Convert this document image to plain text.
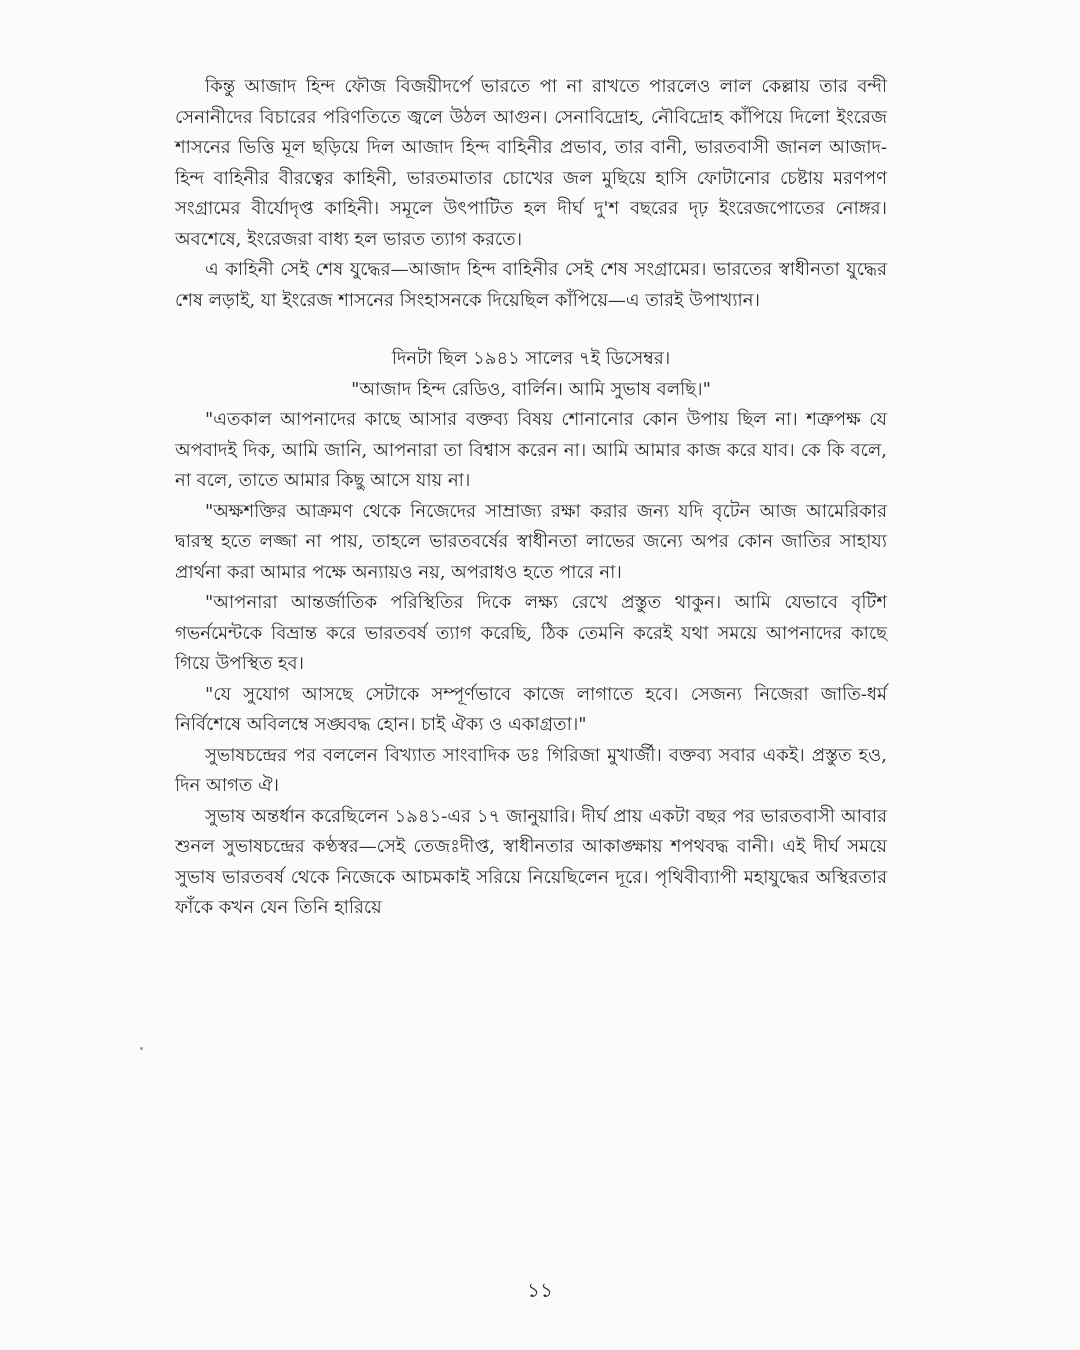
কিন্তু আজাদ হিন্দ ফৌজ বিজয়ীদর্পে ভারতে পা না রাখতে পারলেও লাল কেল্লায় তার বন্দী সেনানীদের বিচারের পরিণতিতে জ্বলে উঠল আগুন। সেনাবিদ্রোহ, নৌবিদ্রোহ কাঁপিয়ে দিলো ইংরেজ শাসনের ভিত্তি মূল ছড়িয়ে দিল আজাদ হিন্দ বাহিনীর প্রভাব, তার বানী, ভারতবাসী জানল আজাদ-হিন্দ বাহিনীর বীরত্বের কাহিনী, ভারতমাতার চোখের জল মুছিয়ে হাসি ফোটানোর চেষ্টায় মরণপণ সংগ্রামের বীর্যোদৃপ্ত কাহিনী। সমূলে উৎপাটিত হল দীর্ঘ দু'শ বছরের দৃঢ় ইংরেজপোতের নোঙ্গর। অবশেষে, ইংরেজরা বাধ্য হল ভারত ত্যাগ করতে।

এ কাহিনী সেই শেষ যুদ্ধের—আজাদ হিন্দ বাহিনীর সেই শেষ সংগ্রামের। ভারতের স্বাধীনতা যুদ্ধের শেষ লড়াই, যা ইংরেজ শাসনের সিংহাসনকে দিয়েছিল কাঁপিয়ে—এ তারই উপাখ্যান।

দিনটা ছিল ১৯৪১ সালের ৭ই ডিসেম্বর।

"আজাদ হিন্দ রেডিও, বার্লিন। আমি সুভাষ বলছি।"

"এতকাল আপনাদের কাছে আসার বক্তব্য বিষয় শোনানোর কোন উপায় ছিল না। শত্রুপক্ষ যে অপবাদই দিক, আমি জানি, আপনারা তা বিশ্বাস করেন না। আমি আমার কাজ করে যাব। কে কি বলে, না বলে, তাতে আমার কিছু আসে যায় না।

"অক্ষশক্তির আক্রমণ থেকে নিজেদের সাম্রাজ্য রক্ষা করার জন্য যদি বৃটেন আজ আমেরিকার দ্বারস্থ হতে লজ্জা না পায়, তাহলে ভারতবর্ষের স্বাধীনতা লাভের জন্যে অপর কোন জাতির সাহায্য প্রার্থনা করা আমার পক্ষে অন্যায়ও নয়, অপরাধও হতে পারে না।

"আপনারা আন্তর্জাতিক পরিস্থিতির দিকে লক্ষ্য রেখে প্রস্তুত থাকুন। আমি যেভাবে বৃটিশ গভর্নমেন্টকে বিভ্রান্ত করে ভারতবর্ষ ত্যাগ করেছি, ঠিক তেমনি করেই যথা সময়ে আপনাদের কাছে গিয়ে উপস্থিত হব।

"যে সুযোগ আসছে সেটাকে সম্পূর্ণভাবে কাজে লাগাতে হবে। সেজন্য নিজেরা জাতি-ধর্ম নির্বিশেষে অবিলম্বে সঙ্ঘবদ্ধ হোন। চাই ঐক্য ও একাগ্রতা।"

সুভাষচন্দ্রের পর বললেন বিখ্যাত সাংবাদিক ডঃ গিরিজা মুখার্জী। বক্তব্য সবার একই। প্রস্তুত হও, দিন আগত ঐ।

সুভাষ অন্তর্ধান করেছিলেন ১৯৪১-এর ১৭ জানুয়ারি। দীর্ঘ প্রায় একটা বছর পর ভারতবাসী আবার শুনল সুভাষচন্দ্রের কণ্ঠস্বর—সেই তেজঃদীপ্ত, স্বাধীনতার আকাঙ্ক্ষায় শপথবদ্ধ বানী। এই দীর্ঘ সময়ে সুভাষ ভারতবর্ষ থেকে নিজেকে আচমকাই সরিয়ে নিয়েছিলেন দূরে। পৃথিবীব্যাপী মহাযুদ্ধের অস্থিরতার ফাঁকে কখন যেন তিনি হারিয়ে

১১
